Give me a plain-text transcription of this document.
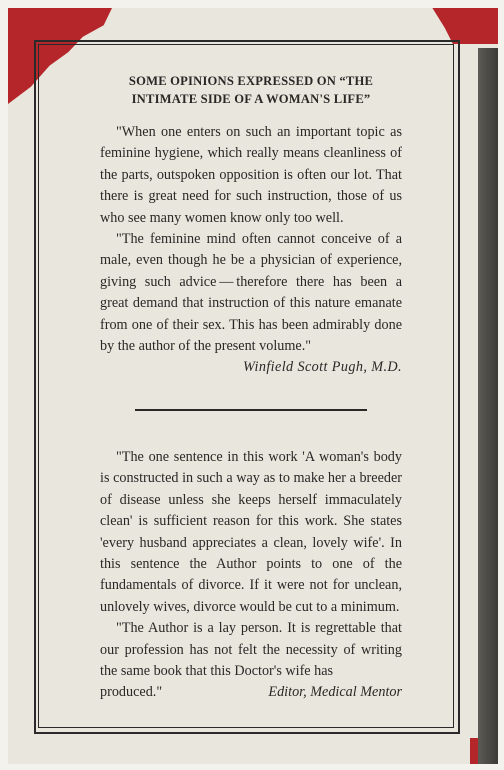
SOME OPINIONS EXPRESSED ON “THE INTIMATE SIDE OF A WOMAN'S LIFE”

"When one enters on such an important topic as feminine hygiene, which really means cleanliness of the parts, outspoken opposition is often our lot. That there is great need for such instruction, those of us who see many women know only too well.

"The feminine mind often cannot conceive of a male, even though he be a physician of experience, giving such advice — therefore there has been a great demand that instruction of this nature emanate from one of their sex. This has been admirably done by the author of the present volume."

Winfield Scott Pugh, M.D.

"The one sentence in this work 'A woman's body is constructed in such a way as to make her a breeder of disease unless she keeps herself immaculately clean' is sufficient reason for this work. She states 'every husband appreciates a clean, lovely wife'. In this sentence the Author points to one of the fundamentals of divorce. If it were not for unclean, unlovely wives, divorce would be cut to a minimum.

"The Author is a lay person. It is regrettable that our profession has not felt the necessity of writing the same book that this Doctor's wife has

produced."	Editor, Medical Mentor
